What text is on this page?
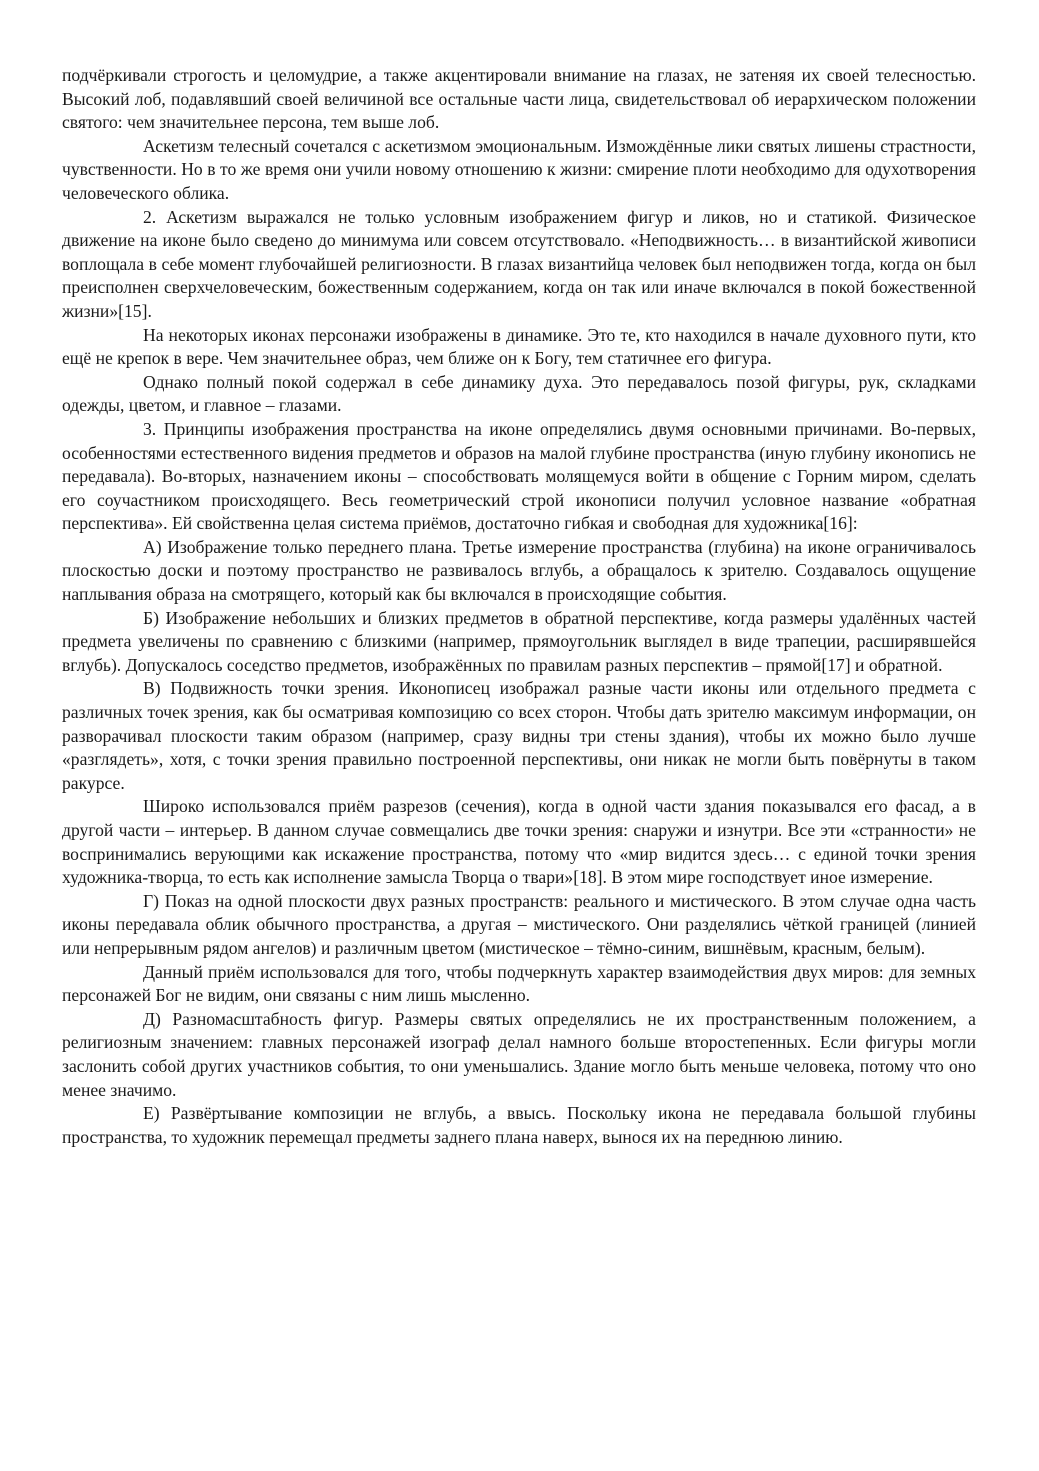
подчёркивали строгость и целомудрие, а также акцентировали внимание на глазах, не затеняя их своей телесностью. Высокий лоб, подавлявший своей величиной все остальные части лица, свидетельствовал об иерархическом положении святого: чем значительнее персона, тем выше лоб.

Аскетизм телесный сочетался с аскетизмом эмоциональным. Измождённые лики святых лишены страстности, чувственности. Но в то же время они учили новому отношению к жизни: смирение плоти необходимо для одухотворения человеческого облика.

2. Аскетизм выражался не только условным изображением фигур и ликов, но и статикой. Физическое движение на иконе было сведено до минимума или совсем отсутствовало. «Неподвижность… в византийской живописи воплощала в себе момент глубочайшей религиозности. В глазах византийца человек был неподвижен тогда, когда он был преисполнен сверхчеловеческим, божественным содержанием, когда он так или иначе включался в покой божественной жизни»[15].

На некоторых иконах персонажи изображены в динамике. Это те, кто находился в начале духовного пути, кто ещё не крепок в вере. Чем значительнее образ, чем ближе он к Богу, тем статичнее его фигура.

Однако полный покой содержал в себе динамику духа. Это передавалось позой фигуры, рук, складками одежды, цветом, и главное – глазами.

3. Принципы изображения пространства на иконе определялись двумя основными причинами. Во-первых, особенностями естественного видения предметов и образов на малой глубине пространства (иную глубину иконопись не передавала). Во-вторых, назначением иконы – способствовать молящемуся войти в общение с Горним миром, сделать его соучастником происходящего. Весь геометрический строй иконописи получил условное название «обратная перспектива». Ей свойственна целая система приёмов, достаточно гибкая и свободная для художника[16]:

А) Изображение только переднего плана. Третье измерение пространства (глубина) на иконе ограничивалось плоскостью доски и поэтому пространство не развивалось вглубь, а обращалось к зрителю. Создавалось ощущение наплывания образа на смотрящего, который как бы включался в происходящие события.

Б) Изображение небольших и близких предметов в обратной перспективе, когда размеры удалённых частей предмета увеличены по сравнению с близкими (например, прямоугольник выглядел в виде трапеции, расширявшейся вглубь). Допускалось соседство предметов, изображённых по правилам разных перспектив – прямой[17] и обратной.

В) Подвижность точки зрения. Иконописец изображал разные части иконы или отдельного предмета с различных точек зрения, как бы осматривая композицию со всех сторон. Чтобы дать зрителю максимум информации, он разворачивал плоскости таким образом (например, сразу видны три стены здания), чтобы их можно было лучше «разглядеть», хотя, с точки зрения правильно построенной перспективы, они никак не могли быть повёрнуты в таком ракурсе.

Широко использовался приём разрезов (сечения), когда в одной части здания показывался его фасад, а в другой части – интерьер. В данном случае совмещались две точки зрения: снаружи и изнутри. Все эти «странности» не воспринимались верующими как искажение пространства, потому что «мир видится здесь… с единой точки зрения художника-творца, то есть как исполнение замысла Творца о твари»[18]. В этом мире господствует иное измерение.

Г) Показ на одной плоскости двух разных пространств: реального и мистического. В этом случае одна часть иконы передавала облик обычного пространства, а другая – мистического. Они разделялись чёткой границей (линией или непрерывным рядом ангелов) и различным цветом (мистическое – тёмно-синим, вишнёвым, красным, белым).

Данный приём использовался для того, чтобы подчеркнуть характер взаимодействия двух миров: для земных персонажей Бог не видим, они связаны с ним лишь мысленно.

Д) Разномасштабность фигур. Размеры святых определялись не их пространственным положением, а религиозным значением: главных персонажей изограф делал намного больше второстепенных. Если фигуры могли заслонить собой других участников события, то они уменьшались. Здание могло быть меньше человека, потому что оно менее значимо.

Е) Развёртывание композиции не вглубь, а ввысь. Поскольку икона не передавала большой глубины пространства, то художник перемещал предметы заднего плана наверх, вынося их на переднюю линию.
